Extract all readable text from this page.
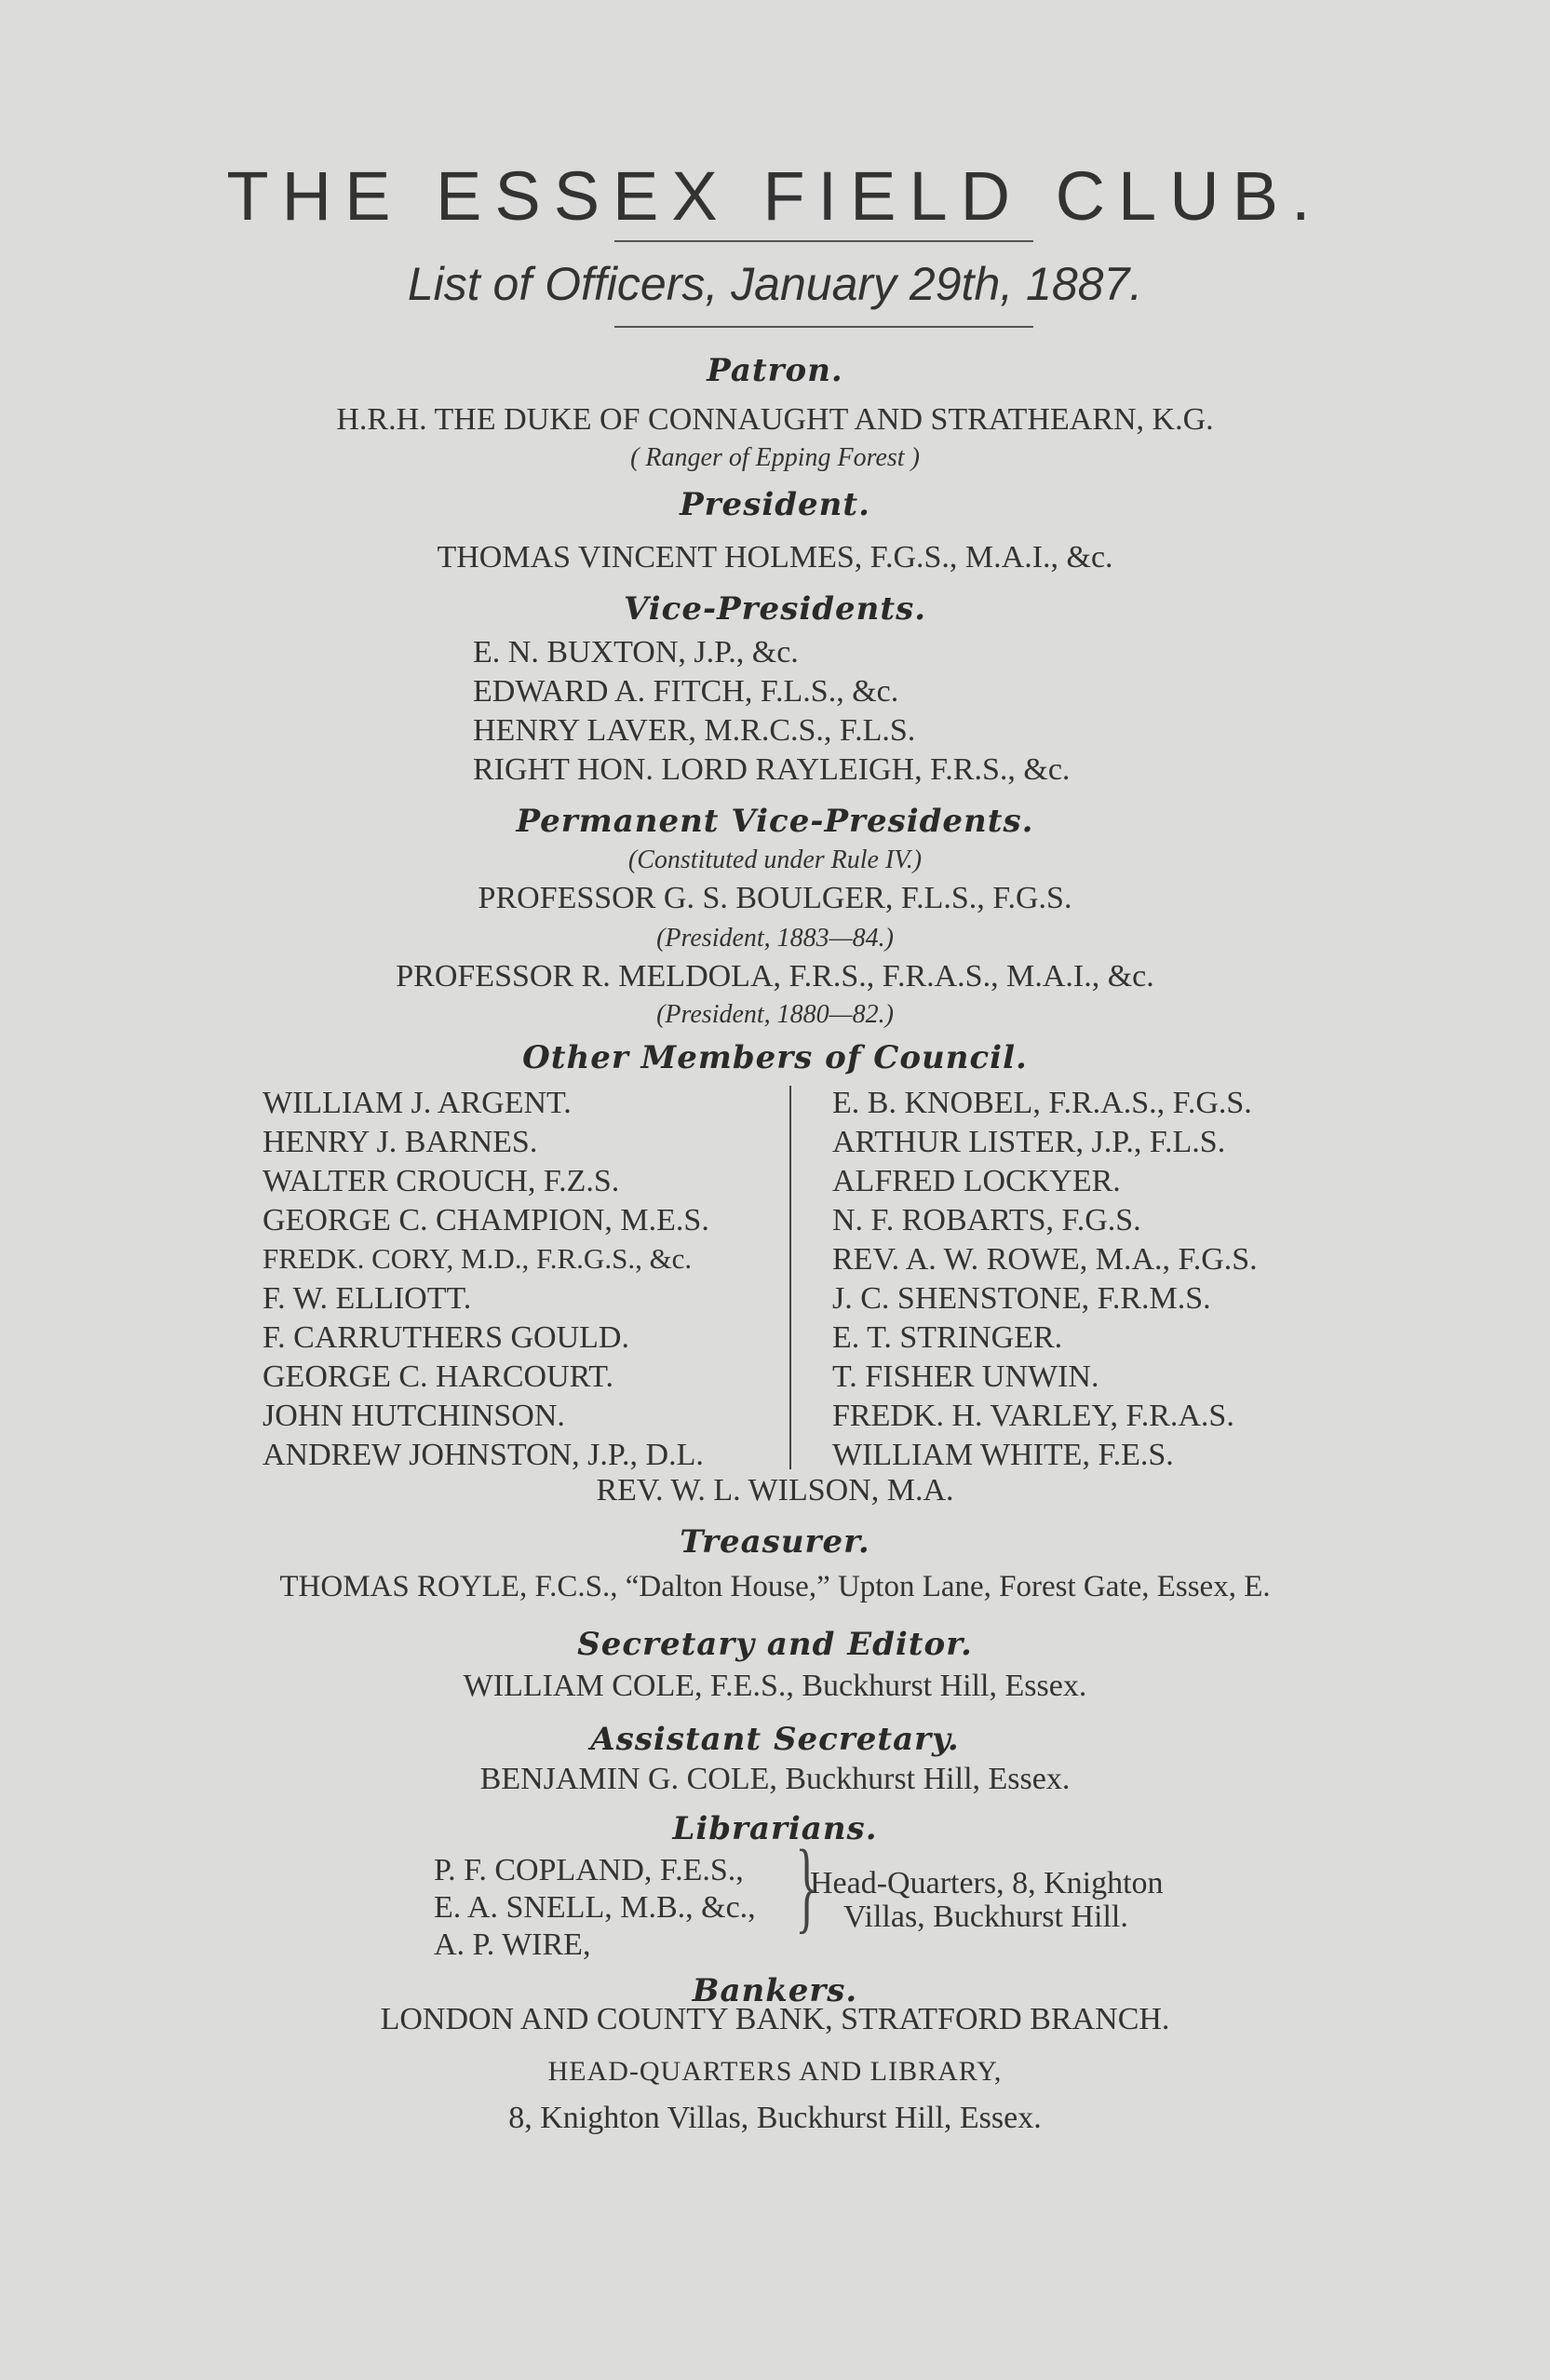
THE ESSEX FIELD CLUB.
List of Officers, January 29th, 1887.
Patron.
H.R.H. THE DUKE OF CONNAUGHT AND STRATHEARN, K.G.
( Ranger of Epping Forest )
President.
THOMAS VINCENT HOLMES, F.G.S., M.A.I., &c.
Vice-Presidents.
E. N. BUXTON, J.P., &c.
EDWARD A. FITCH, F.L.S., &c.
HENRY LAVER, M.R.C.S., F.L.S.
RIGHT HON. LORD RAYLEIGH, F.R.S., &c.
Permanent Vice-Presidents.
(Constituted under Rule IV.)
PROFESSOR G. S. BOULGER, F.L.S., F.G.S.
(President, 1883—84.)
PROFESSOR R. MELDOLA, F.R.S., F.R.A.S., M.A.I., &c.
(President, 1880—82.)
Other Members of Council.
WILLIAM J. ARGENT.
HENRY J. BARNES.
WALTER CROUCH, F.Z.S.
GEORGE C. CHAMPION, M.E.S.
FREDK. CORY, M.D., F.R.G.S., &c.
F. W. ELLIOTT.
F. CARRUTHERS GOULD.
GEORGE C. HARCOURT.
JOHN HUTCHINSON.
ANDREW JOHNSTON, J.P., D.L.
E. B. KNOBEL, F.R.A.S., F.G.S.
ARTHUR LISTER, J.P., F.L.S.
ALFRED LOCKYER.
N. F. ROBARTS, F.G.S.
REV. A. W. ROWE, M.A., F.G.S.
J. C. SHENSTONE, F.R.M.S.
E. T. STRINGER.
T. FISHER UNWIN.
FREDK. H. VARLEY, F.R.A.S.
WILLIAM WHITE, F.E.S.
REV. W. L. WILSON, M.A.
Treasurer.
THOMAS ROYLE, F.C.S., “Dalton House,” Upton Lane, Forest Gate, Essex, E.
Secretary and Editor.
WILLIAM COLE, F.E.S., Buckhurst Hill, Essex.
Assistant Secretary.
BENJAMIN G. COLE, Buckhurst Hill, Essex.
Librarians.
P. F. COPLAND, F.E.S.,
E. A. SNELL, M.B., &c.,
A. P. WIRE,
}
Head-Quarters, 8, Knighton
Villas, Buckhurst Hill.
Bankers.
LONDON AND COUNTY BANK, STRATFORD BRANCH.
HEAD-QUARTERS AND LIBRARY,
8, Knighton Villas, Buckhurst Hill, Essex.
